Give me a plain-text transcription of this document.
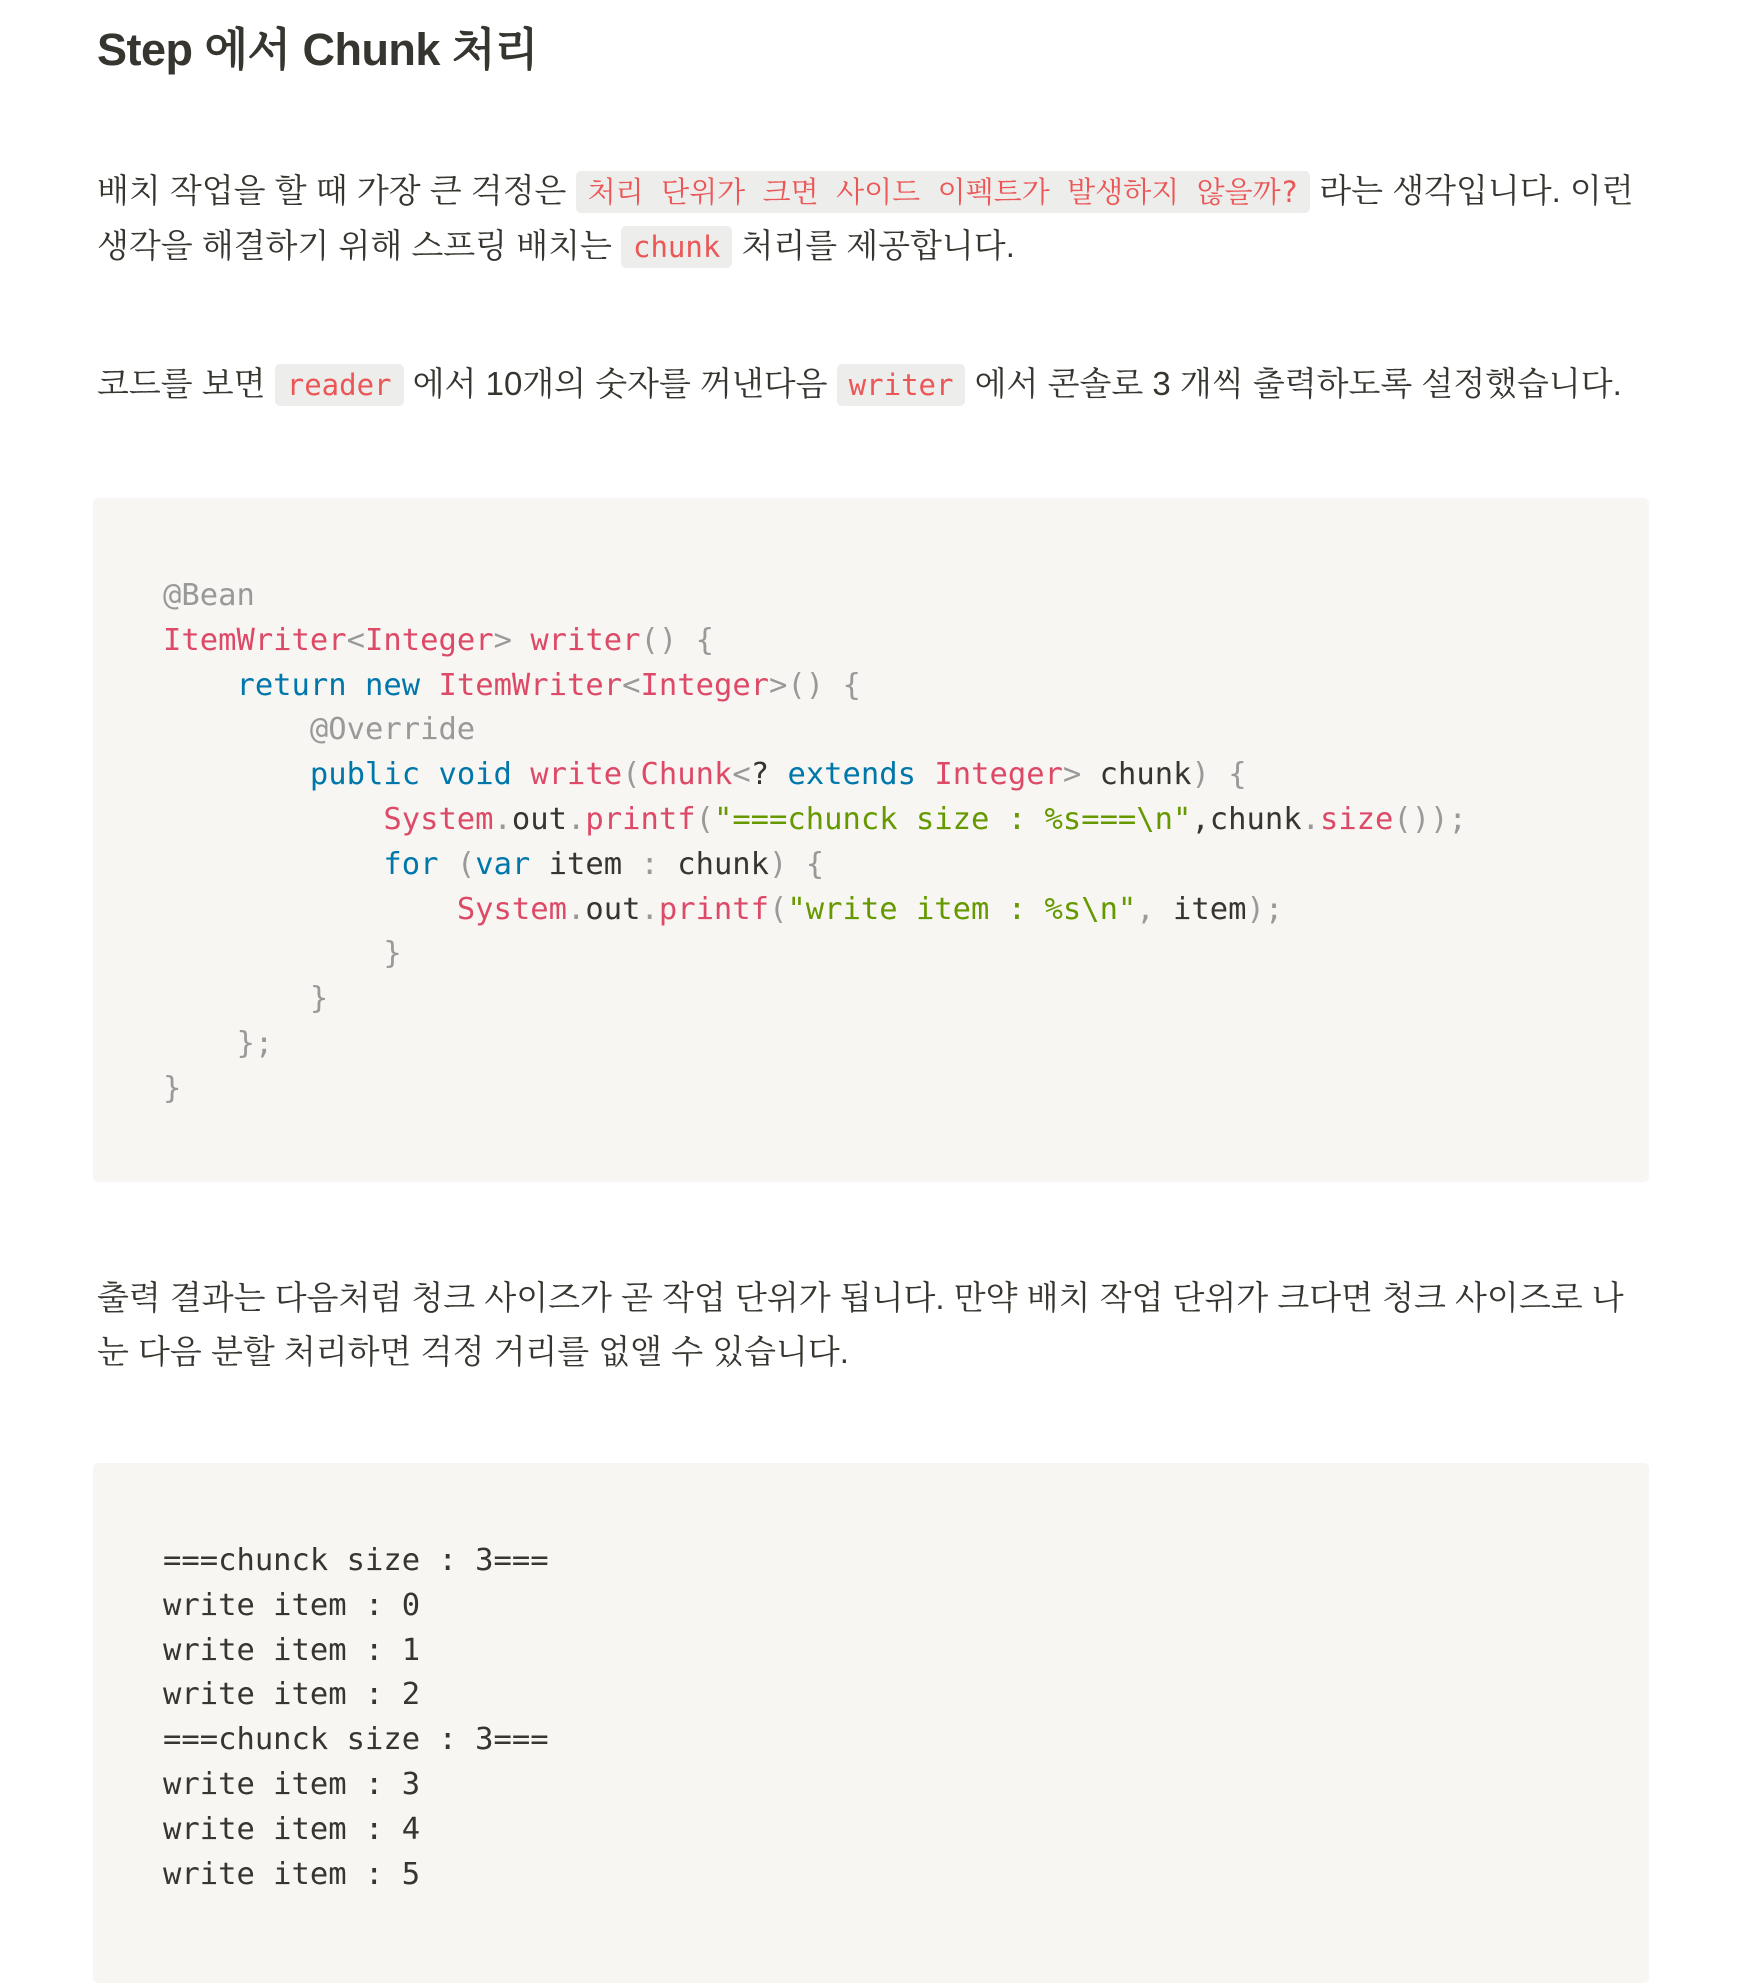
Step 에서 Chunk 처리

배치 작업을 할 때 가장 큰 걱정은 처리 단위가 크면 사이드 이펙트가 발생하지 않을까? 라는 생각입니다. 이런 생각을 해결하기 위해 스프링 배치는 chunk 처리를 제공합니다.

코드를 보면 reader 에서 10개의 숫자를 꺼낸다음 writer 에서 콘솔로 3 개씩 출력하도록 설정했습니다.

@Bean
ItemWriter<Integer> writer() {
return new ItemWriter<Integer>() {
@Override
public void write(Chunk<? extends Integer> chunk) {
System.out.printf("===chunck size : %s===\n",chunk.size());
for (var item : chunk) {
System.out.printf("write item : %s\n", item);
}
}
};
}

출력 결과는 다음처럼 청크 사이즈가 곧 작업 단위가 됩니다. 만약 배치 작업 단위가 크다면 청크 사이즈로 나눈 다음 분할 처리하면 걱정 거리를 없앨 수 있습니다.

===chunck size : 3===
write item : 0
write item : 1
write item : 2
===chunck size : 3===
write item : 3
write item : 4
write item : 5
